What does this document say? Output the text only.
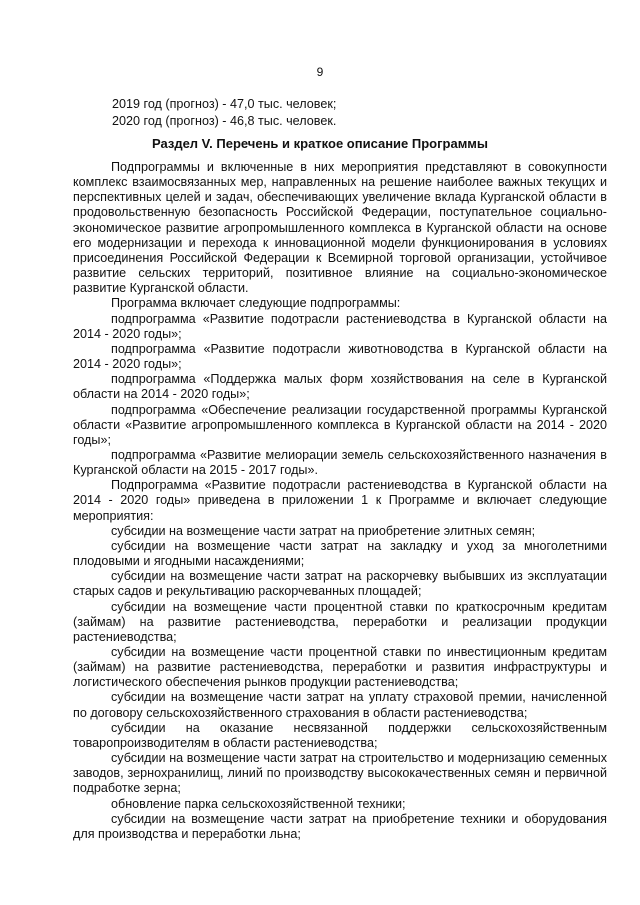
9
2019 год (прогноз) - 47,0 тыс. человек;
2020 год (прогноз) - 46,8 тыс. человек.
Раздел V. Перечень и краткое описание Программы

Подпрограммы и включенные в них мероприятия представляют в совокупности комплекс взаимосвязанных мер, направленных на решение наиболее важных текущих и перспективных целей и задач, обеспечивающих увеличение вклада Курганской области в продовольственную безопасность Российской Федерации, поступательное социально-экономическое развитие агропромышленного комплекса в Курганской области на основе его модернизации и перехода к инновационной модели функционирования в условиях присоединения Российской Федерации к Всемирной торговой организации, устойчивое развитие сельских территорий, позитивное влияние на социально-экономическое развитие Курганской области.

Программа включает следующие подпрограммы:

подпрограмма «Развитие подотрасли растениеводства в Курганской области на 2014 - 2020 годы»;

подпрограмма «Развитие подотрасли животноводства в Курганской области на 2014 - 2020 годы»;

подпрограмма «Поддержка малых форм хозяйствования на селе в Курганской области на 2014 - 2020 годы»;

подпрограмма «Обеспечение реализации государственной программы Курганской области «Развитие агропромышленного комплекса в Курганской области на 2014 - 2020 годы»;

подпрограмма «Развитие мелиорации земель сельскохозяйственного назначения в Курганской области на 2015 - 2017 годы».

Подпрограмма «Развитие подотрасли растениеводства в Курганской области на 2014 - 2020 годы» приведена в приложении 1 к Программе и включает следующие мероприятия:

субсидии на возмещение части затрат на приобретение элитных семян;

субсидии на возмещение части затрат на закладку и уход за многолетними плодовыми и ягодными насаждениями;

субсидии на возмещение части затрат на раскорчевку выбывших из эксплуатации старых садов и рекультивацию раскорчеванных площадей;

субсидии на возмещение части процентной ставки по краткосрочным кредитам (займам) на развитие растениеводства, переработки и реализации продукции растениеводства;

субсидии на возмещение части процентной ставки по инвестиционным кредитам (займам) на развитие растениеводства, переработки и развития инфраструктуры и логистического обеспечения рынков продукции растениеводства;

субсидии на возмещение части затрат на уплату страховой премии, начисленной по договору сельскохозяйственного страхования в области растениеводства;

субсидии на оказание несвязанной поддержки сельскохозяйственным товаропроизводителям в области растениеводства;

субсидии на возмещение части затрат на строительство и модернизацию семенных заводов, зернохранилищ, линий по производству высококачественных семян и первичной подработке зерна;

обновление парка сельскохозяйственной техники;

субсидии на возмещение части затрат на приобретение техники и оборудования для производства и переработки льна;
